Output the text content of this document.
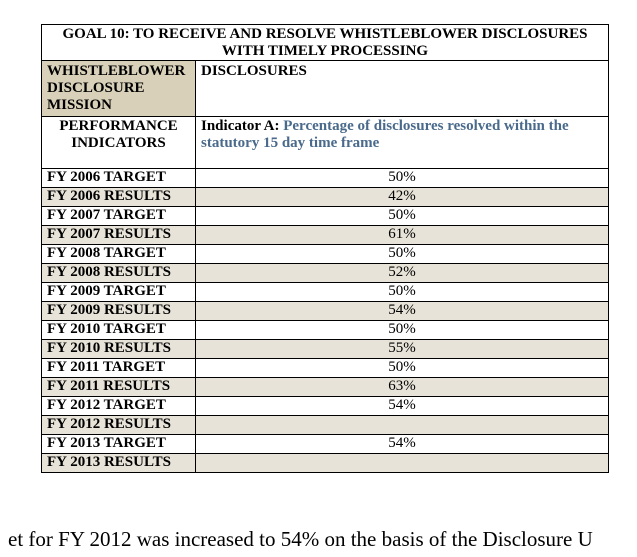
GOAL 10: TO RECEIVE AND RESOLVE WHISTLEBLOWER DISCLOSURES WITH TIMELY PROCESSING	
WHISTLEBLOWER DISCLOSURE MISSION	DISCLOSURES
PERFORMANCE INDICATORS	Indicator A: Percentage of disclosures resolved within the statutory 15 day time frame
FY 2006 TARGET	50%
FY 2006 RESULTS	42%
FY 2007 TARGET	50%
FY 2007 RESULTS	61%
FY 2008 TARGET	50%
FY 2008 RESULTS	52%
FY 2009 TARGET	50%
FY 2009 RESULTS	54%
FY 2010 TARGET	50%
FY 2010 RESULTS	55%
FY 2011 TARGET	50%
FY 2011 RESULTS	63%
FY 2012 TARGET	54%
FY 2012 RESULTS	
FY 2013 TARGET	54%
FY 2013 RESULTS	
et for FY 2012 was increased to 54% on the basis of the Disclosure U
